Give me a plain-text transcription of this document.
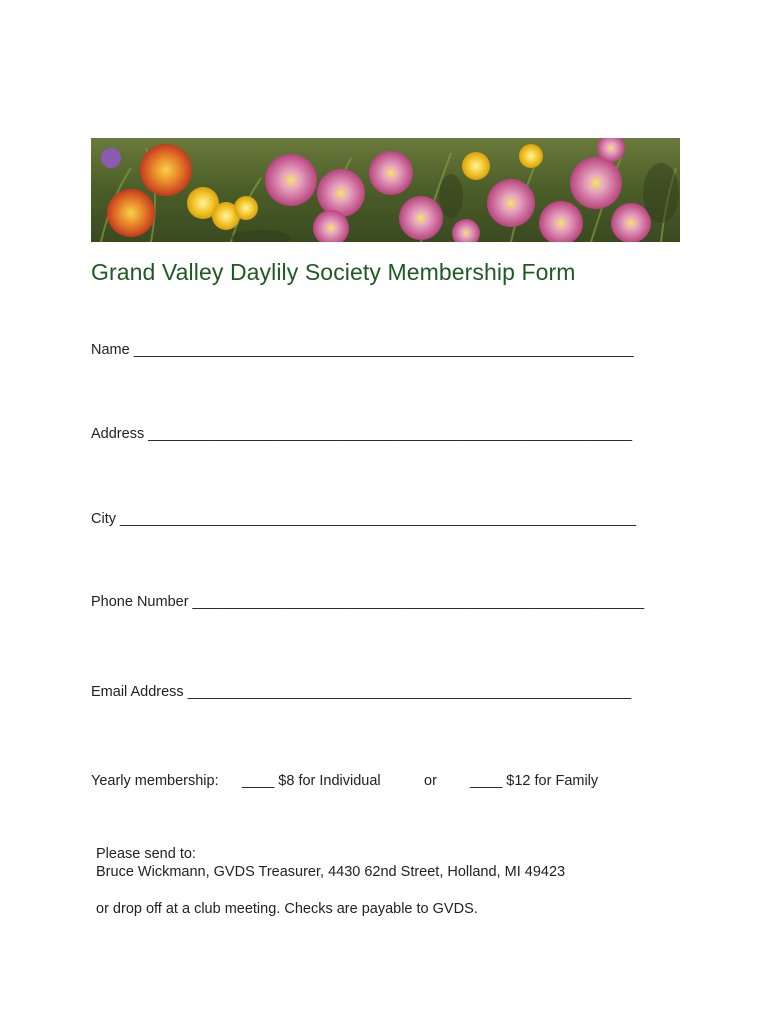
Grand Valley Daylily Society Membership Form
Name ______________________________________________________________
Address ____________________________________________________________
City ________________________________________________________________
Phone Number ________________________________________________________
Email Address _______________________________________________________
Yearly membership: ____ $8 for Individual	or ____ $12 for Family
Please send to:
Bruce Wickmann, GVDS Treasurer, 4430 62nd Street, Holland, MI 49423
or drop off at a club meeting. Checks are payable to GVDS.
